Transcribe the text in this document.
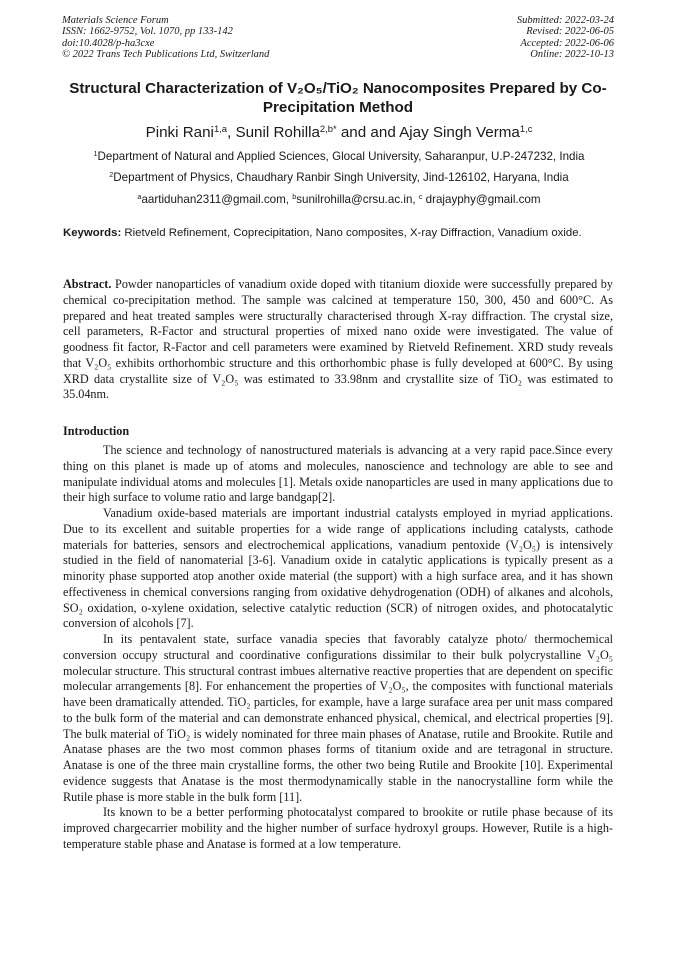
Materials Science Forum
ISSN: 1662-9752, Vol. 1070, pp 133-142
doi:10.4028/p-ha3cxe
© 2022 Trans Tech Publications Ltd, Switzerland
Submitted: 2022-03-24
Revised: 2022-06-05
Accepted: 2022-06-06
Online: 2022-10-13
Structural Characterization of V₂O₅/TiO₂ Nanocomposites Prepared by Co-Precipitation Method
Pinki Rani$^{1,a}$, Sunil Rohilla$^{2,b*}$ and and Ajay Singh Verma$^{1,c}$
$^1$Department of Natural and Applied Sciences, Glocal University, Saharanpur, U.P-247232, India
$^2$Department of Physics, Chaudhary Ranbir Singh University, Jind-126102, Haryana, India
$^a$aartiduhan2311@gmail.com, $^b$sunilrohilla@crsu.ac.in, $^c$ drajayphy@gmail.com
Keywords: Rietveld Refinement, Coprecipitation, Nano composites, X-ray Diffraction, Vanadium oxide.
Abstract. Powder nanoparticles of vanadium oxide doped with titanium dioxide were successfully prepared by chemical co-precipitation method. The sample was calcined at temperature 150, 300, 450 and 600°C. As prepared and heat treated samples were structurally characterised through X-ray diffraction. The crystal size, cell parameters, R-Factor and structural properties of mixed nano oxide were investigated. The value of goodness fit factor, R-Factor and cell parameters were examined by Rietveld Refinement. XRD study reveals that V₂O₅ exhibits orthorhombic structure and this orthorhombic phase is fully developed at 600°C. By using XRD data crystallite size of V₂O₅ was estimated to 33.98nm and crystallite size of TiO₂ was estimated to 35.04nm.
Introduction

The science and technology of nanostructured materials is advancing at a very rapid pace.Since every thing on this planet is made up of atoms and molecules, nanoscience and technology are able to see and manipulate individual atoms and molecules [1]. Metals oxide nanoparticles are used in many applications due to their high surface to volume ratio and large bandgap[2].

Vanadium oxide-based materials are important industrial catalysts employed in myriad applications. Due to its excellent and suitable properties for a wide range of applications including catalysts, cathode materials for batteries, sensors and electrochemical applications, vanadium pentoxide (V₂O₅) is intensively studied in the field of nanomaterial [3-6]. Vanadium oxide in catalytic applications is typically present as a minority phase supported atop another oxide material (the support) with a high surface area, and it has shown effectiveness in chemical conversions ranging from oxidative dehydrogenation (ODH) of alkanes and alcohols, SO₂ oxidation, o-xylene oxidation, selective catalytic reduction (SCR) of nitrogen oxides, and photocatalytic conversion of alcohols [7].

In its pentavalent state, surface vanadia species that favorably catalyze photo/ thermochemical conversion occupy structural and coordinative configurations dissimilar to their bulk polycrystalline V₂O₅ molecular structure. This structural contrast imbues alternative reactive properties that are dependent on specific molecular arrangements [8]. For enhancement the properties of V₂O₅, the composites with functional materials have been dramatically attended. TiO₂ particles, for example, have a large suraface area per unit mass compared to the bulk form of the material and can demonstrate enhanced physical, chemical, and electrical properties [9]. The bulk material of TiO₂ is widely nominated for three main phases of Anatase, rutile and Brookite. Rutile and Anatase phases are the two most common phases forms of titanium oxide and are tetragonal in structure. Anatase is one of the three main crystalline forms, the other two being Rutile and Brookite [10]. Experimental evidence suggests that Anatase is the most thermodynamically stable in the nanocrystalline form while the Rutile phase is more stable in the bulk form [11].

Its known to be a better performing photocatalyst compared to brookite or rutile phase because of its improved chargecarrier mobility and the higher number of surface hydroxyl groups. However, Rutile is a high-temperature stable phase and Anatase is formed at a low temperature.
